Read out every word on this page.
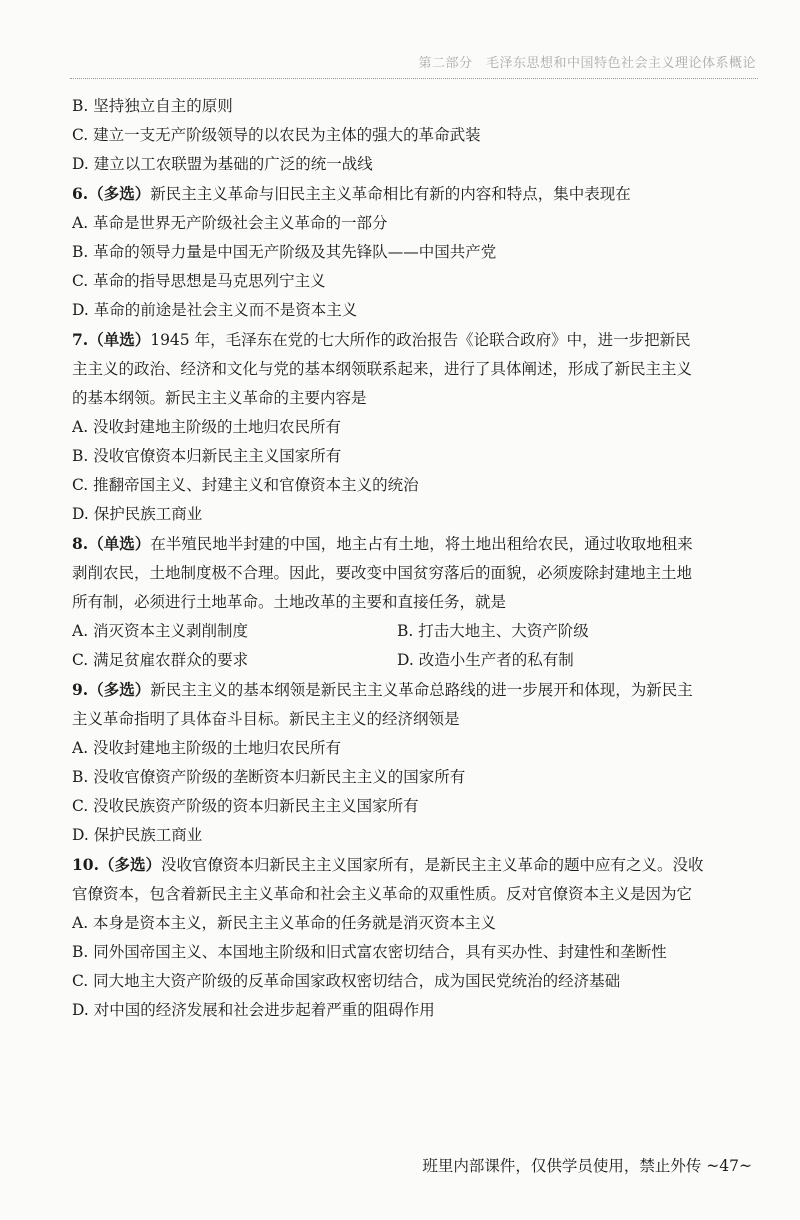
第二部分　毛泽东思想和中国特色社会主义理论体系概论
B. 坚持独立自主的原则
C. 建立一支无产阶级领导的以农民为主体的强大的革命武装
D. 建立以工农联盟为基础的广泛的统一战线
6.（多选）新民主主义革命与旧民主主义革命相比有新的内容和特点，集中表现在
A. 革命是世界无产阶级社会主义革命的一部分
B. 革命的领导力量是中国无产阶级及其先锋队——中国共产党
C. 革命的指导思想是马克思列宁主义
D. 革命的前途是社会主义而不是资本主义
7.（单选）1945 年，毛泽东在党的七大所作的政治报告《论联合政府》中，进一步把新民
主主义的政治、经济和文化与党的基本纲领联系起来，进行了具体阐述，形成了新民主主义
的基本纲领。新民主主义革命的主要内容是
A. 没收封建地主阶级的土地归农民所有
B. 没收官僚资本归新民主主义国家所有
C. 推翻帝国主义、封建主义和官僚资本主义的统治
D. 保护民族工商业
8.（单选）在半殖民地半封建的中国，地主占有土地，将土地出租给农民，通过收取地租来
剥削农民，土地制度极不合理。因此，要改变中国贫穷落后的面貌，必须废除封建地主土地
所有制，必须进行土地革命。土地改革的主要和直接任务，就是
A. 消灭资本主义剥削制度	B. 打击大地主、大资产阶级
C. 满足贫雇农群众的要求	D. 改造小生产者的私有制
9.（多选）新民主主义的基本纲领是新民主主义革命总路线的进一步展开和体现，为新民主
主义革命指明了具体奋斗目标。新民主主义的经济纲领是
A. 没收封建地主阶级的土地归农民所有
B. 没收官僚资产阶级的垄断资本归新民主主义的国家所有
C. 没收民族资产阶级的资本归新民主主义国家所有
D. 保护民族工商业
10.（多选）没收官僚资本归新民主主义国家所有，是新民主主义革命的题中应有之义。没收
官僚资本，包含着新民主主义革命和社会主义革命的双重性质。反对官僚资本主义是因为它
A. 本身是资本主义，新民主主义革命的任务就是消灭资本主义
B. 同外国帝国主义、本国地主阶级和旧式富农密切结合，具有买办性、封建性和垄断性
C. 同大地主大资产阶级的反革命国家政权密切结合，成为国民党统治的经济基础
D. 对中国的经济发展和社会进步起着严重的阻碍作用
班里内部课件，仅供学员使用，禁止外传 ~47~
